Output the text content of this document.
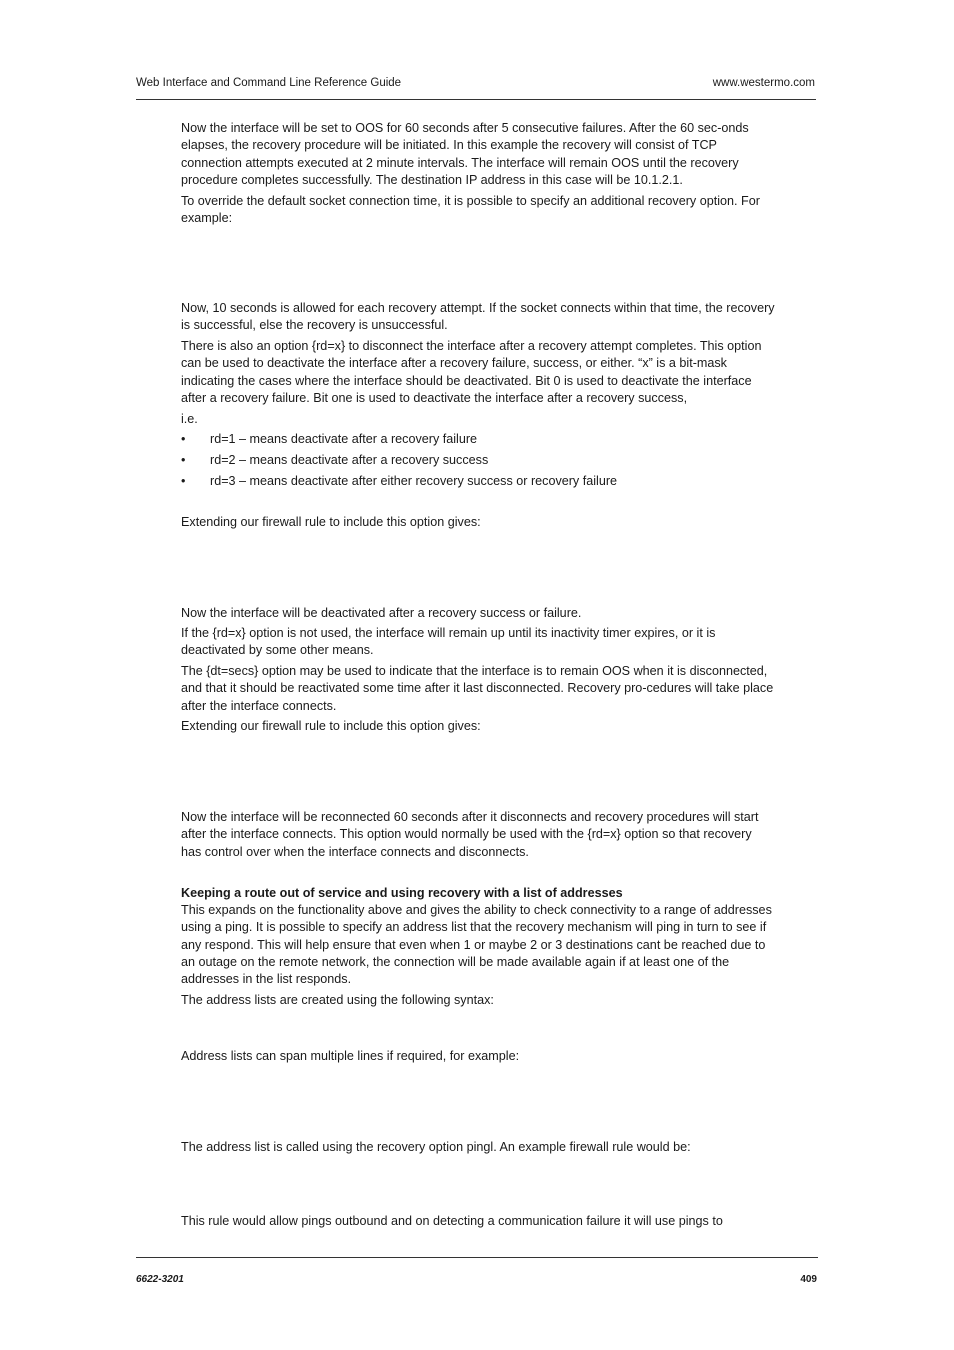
Web Interface and Command Line Reference Guide	www.westermo.com

Now the interface will be set to OOS for 60 seconds after 5 consecutive failures. After the 60 sec-onds elapses, the recovery procedure will be initiated. In this example the recovery will consist of TCP connection attempts executed at 2 minute intervals. The interface will remain OOS until the recovery procedure completes successfully. The destination IP address in this case will be 10.1.2.1.

To override the default socket connection time, it is possible to specify an additional recovery option. For example:

Now, 10 seconds is allowed for each recovery attempt. If the socket connects within that time, the recovery is successful, else the recovery is unsuccessful.

There is also an option {rd=x} to disconnect the interface after a recovery attempt completes. This option can be used to deactivate the interface after a recovery failure, success, or either. “x” is a bit-mask indicating the cases where the interface should be deactivated. Bit 0 is used to deactivate the interface after a recovery failure. Bit one is used to deactivate the interface after a recovery success,

i.e.

• rd=1 – means deactivate after a recovery failure
• rd=2 – means deactivate after a recovery success
• rd=3 – means deactivate after either recovery success or recovery failure

Extending our firewall rule to include this option gives:

Now the interface will be deactivated after a recovery success or failure.

If the {rd=x} option is not used, the interface will remain up until its inactivity timer expires, or it is deactivated by some other means.

The {dt=secs} option may be used to indicate that the interface is to remain OOS when it is disconnected, and that it should be reactivated some time after it last disconnected. Recovery pro-cedures will take place after the interface connects.

Extending our firewall rule to include this option gives:

Now the interface will be reconnected 60 seconds after it disconnects and recovery procedures will start after the interface connects. This option would normally be used with the {rd=x} option so that recovery has control over when the interface connects and disconnects.

Keeping a route out of service and using recovery with a list of addresses

This expands on the functionality above and gives the ability to check connectivity to a range of addresses using a ping. It is possible to specify an address list that the recovery mechanism will ping in turn to see if any respond. This will help ensure that even when 1 or maybe 2 or 3 destinations cant be reached due to an outage on the remote network, the connection will be made available again if at least one of the addresses in the list responds.

The address lists are created using the following syntax:

Address lists can span multiple lines if required, for example:

The address list is called using the recovery option pingl. An example firewall rule would be:

This rule would allow pings outbound and on detecting a communication failure it will use pings to

6622-3201	409
